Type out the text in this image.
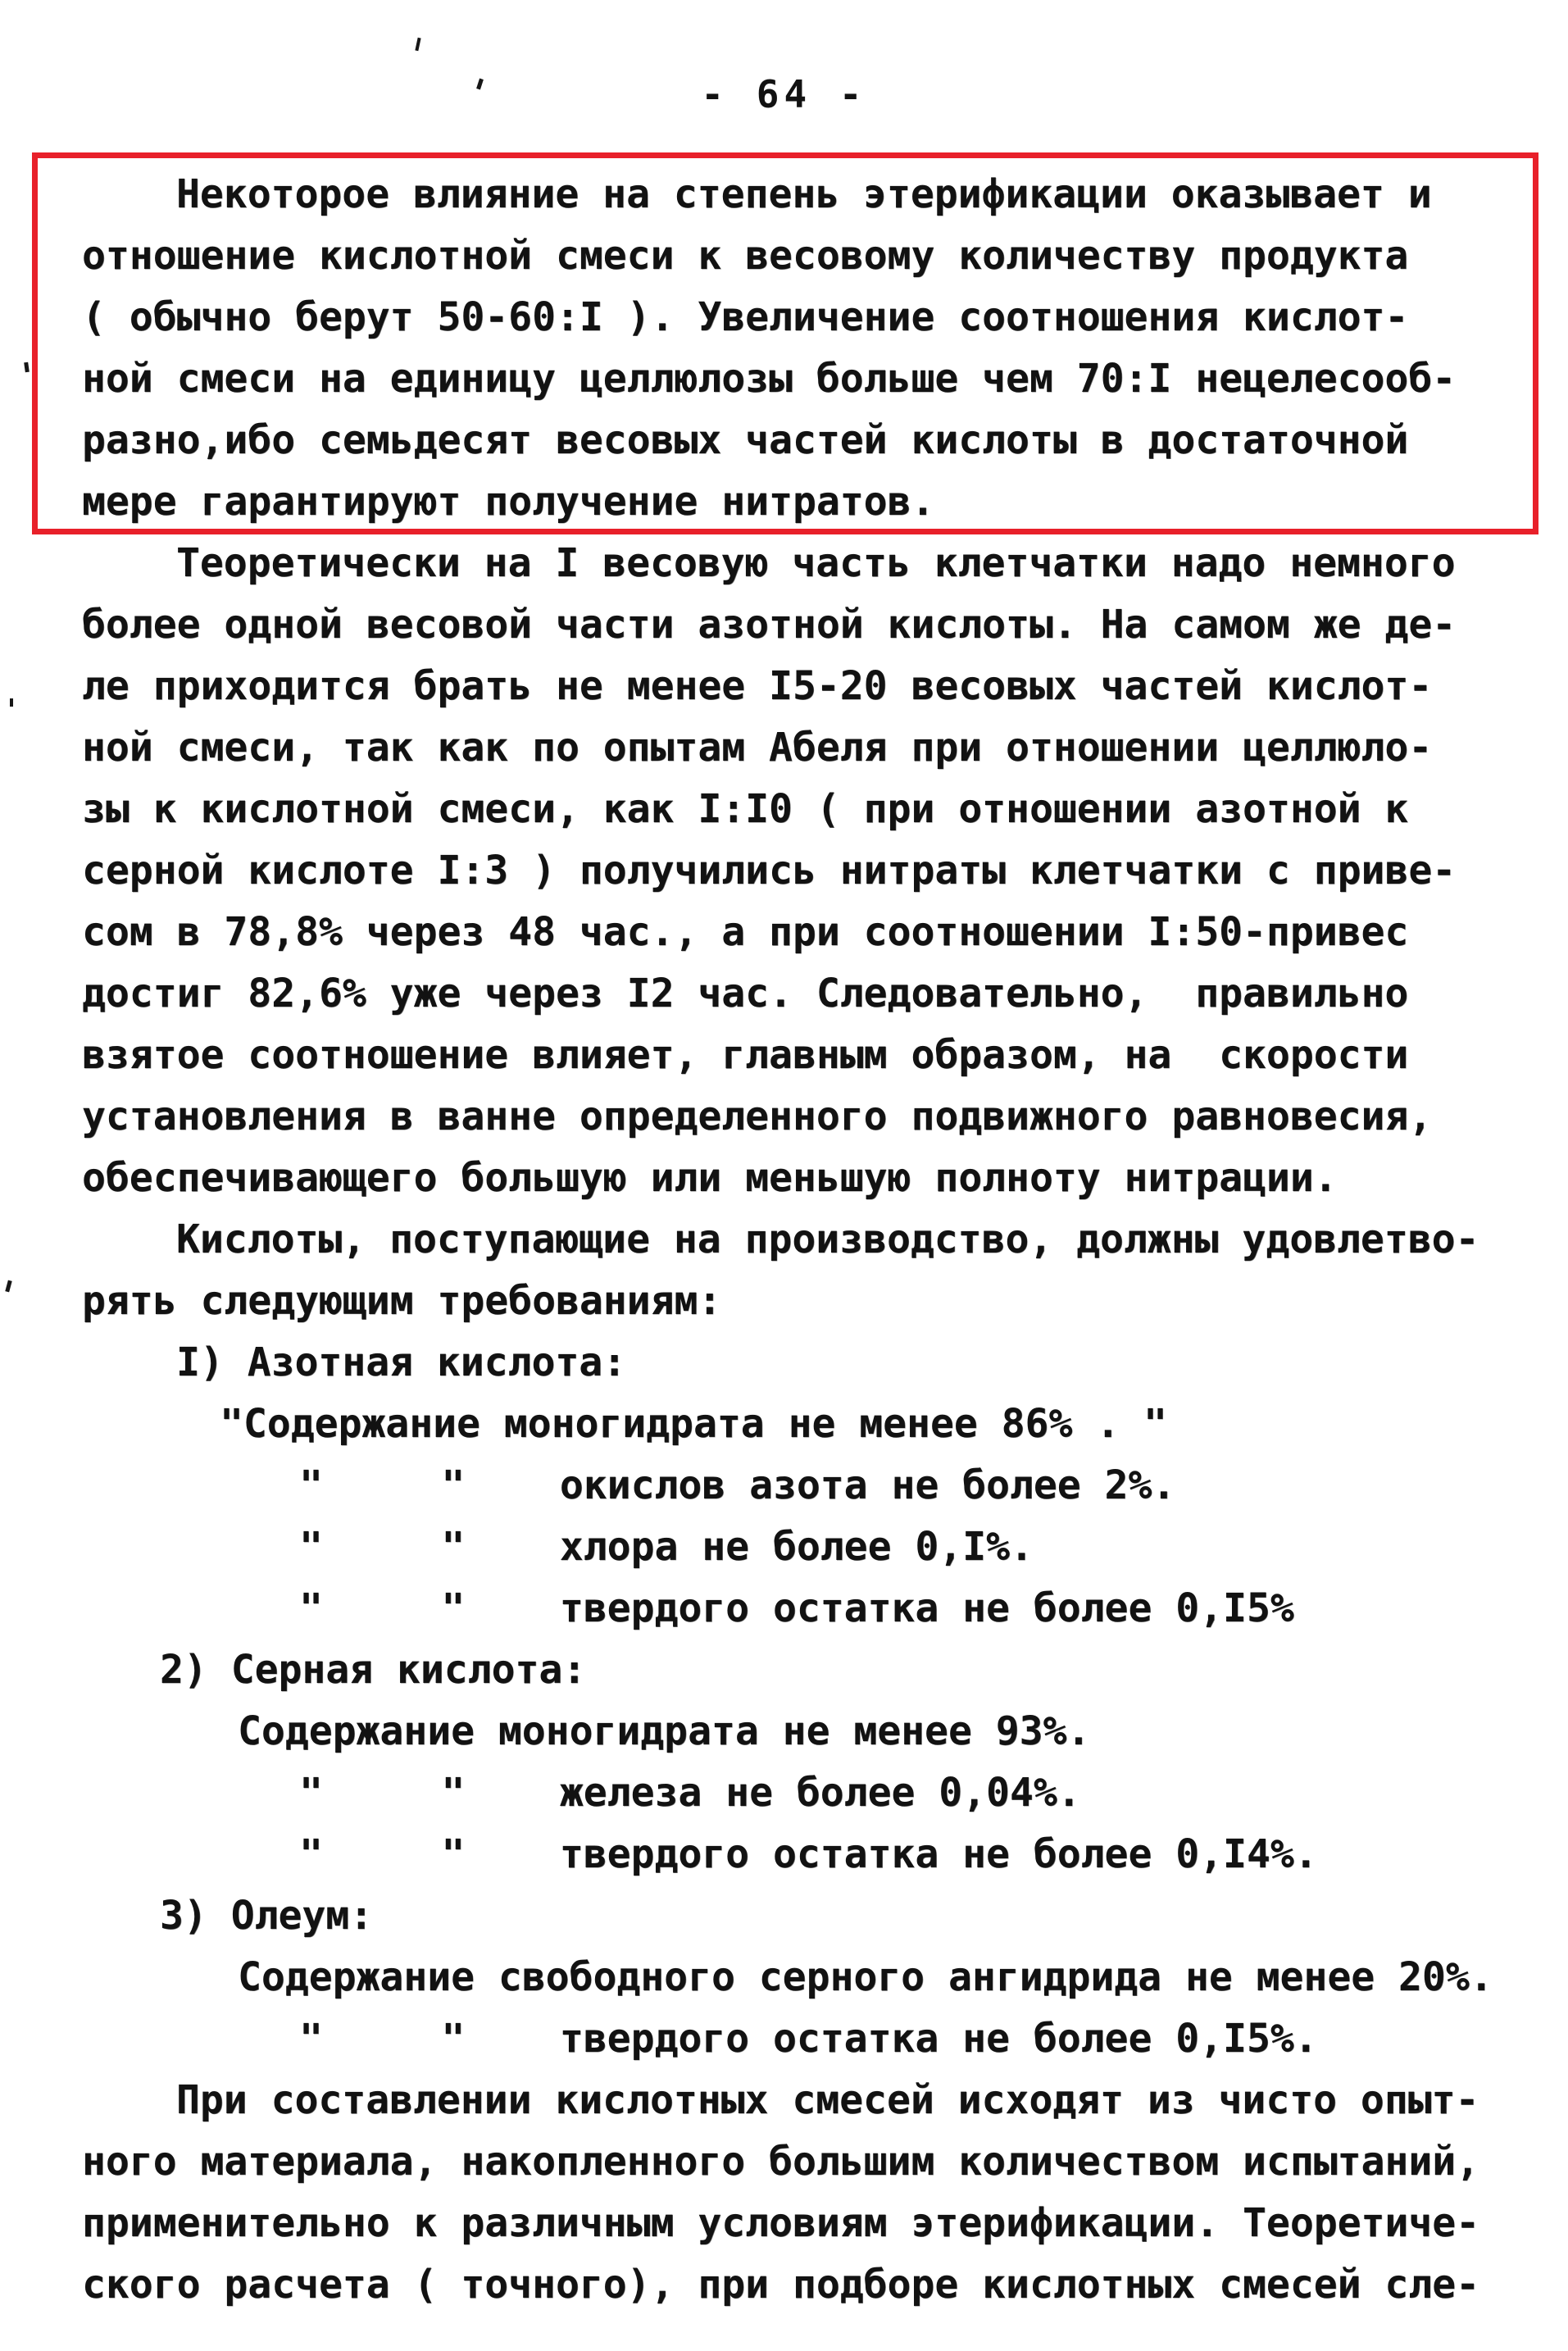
- 64 -
Некоторое влияние на степень этерификации оказывает и
отношение кислотной смеси к весовому количеству продукта
( обычно берут 50-60:I ). Увеличение соотношения кислот-
ной смеси на единицу целлюлозы больше чем 70:I нецелесооб-
разно,ибо семьдесят весовых частей кислоты в достаточной
мере гарантируют получение нитратов.
Теоретически на I весовую часть клетчатки надо немного
более одной весовой части азотной кислоты. На самом же де-
ле приходится брать не менее I5-20 весовых частей кислот-
ной смеси, так как по опытам Абеля при отношении целлюло-
зы к кислотной смеси, как I:I0 ( при отношении азотной к
серной кислоте I:3 ) получились нитраты клетчатки с приве-
сом в 78,8% через 48 час., а при соотношении I:50-привес
достиг 82,6% уже через I2 час. Следовательно,  правильно
взятое соотношение влияет, главным образом, на  скорости
установления в ванне определенного подвижного равновесия,
обеспечивающего большую или меньшую полноту нитрации.
Кислоты, поступающие на производство, должны удовлетво-
рять следующим требованиям:
I) Азотная кислота:
"Содержание моногидрата не менее 86% . "
"     "    окислов азота не более 2%.
"     "    хлора не более 0,I%.
"     "    твердого остатка не более 0,I5%
2) Серная кислота:
Содержание моногидрата не менее 93%.
"     "    железа не более 0,04%.
"     "    твердого остатка не более 0,I4%.
3) Олеум:
Содержание свободного серного ангидрида не менее 20%.
"     "    твердого остатка не более 0,I5%.
При составлении кислотных смесей исходят из чисто опыт-
ного материала, накопленного большим количеством испытаний,
применительно к различным условиям этерификации. Теоретиче-
ского расчета ( точного), при подборе кислотных смесей сле-
